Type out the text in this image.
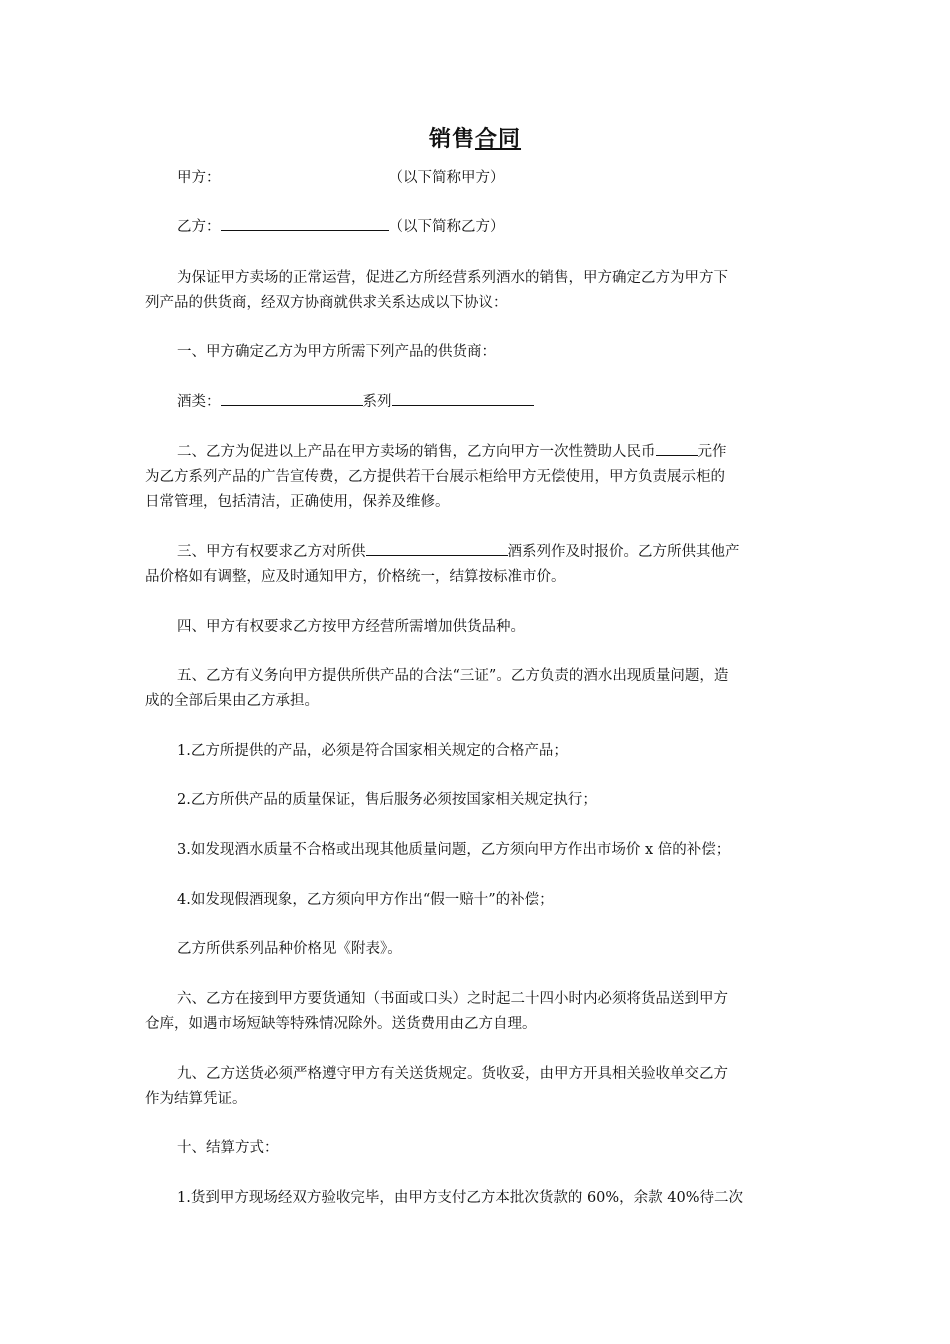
销售合同
甲方：	（以下简称甲方）
乙方：	（以下简称乙方）
为保证甲方卖场的正常运营，促进乙方所经营系列酒水的销售，甲方确定乙方为甲方下
列产品的供货商，经双方协商就供求关系达成以下协议：
一、甲方确定乙方为甲方所需下列产品的供货商：
酒类：	系列
二、乙方为促进以上产品在甲方卖场的销售，乙方向甲方一次性赞助人民币	元作
为乙方系列产品的广告宣传费，乙方提供若干台展示柜给甲方无偿使用，甲方负责展示柜的
日常管理，包括清洁，正确使用，保养及维修。
三、甲方有权要求乙方对所供	酒系列作及时报价。乙方所供其他产
品价格如有调整，应及时通知甲方，价格统一，结算按标准市价。
四、甲方有权要求乙方按甲方经营所需增加供货品种。
五、乙方有义务向甲方提供所供产品的合法“三证”。乙方负责的酒水出现质量问题，造
成的全部后果由乙方承担。
1.乙方所提供的产品，必须是符合国家相关规定的合格产品；
2.乙方所供产品的质量保证，售后服务必须按国家相关规定执行；
3.如发现酒水质量不合格或出现其他质量问题，乙方须向甲方作出市场价 x 倍的补偿；
4.如发现假酒现象，乙方须向甲方作出“假一赔十”的补偿；
乙方所供系列品种价格见《附表》。
六、乙方在接到甲方要货通知（书面或口头）之时起二十四小时内必须将货品送到甲方
仓库，如遇市场短缺等特殊情况除外。送货费用由乙方自理。
九、乙方送货必须严格遵守甲方有关送货规定。货收妥，由甲方开具相关验收单交乙方
作为结算凭证。
十、结算方式：
1.货到甲方现场经双方验收完毕，由甲方支付乙方本批次货款的 60%，余款 40%待二次
